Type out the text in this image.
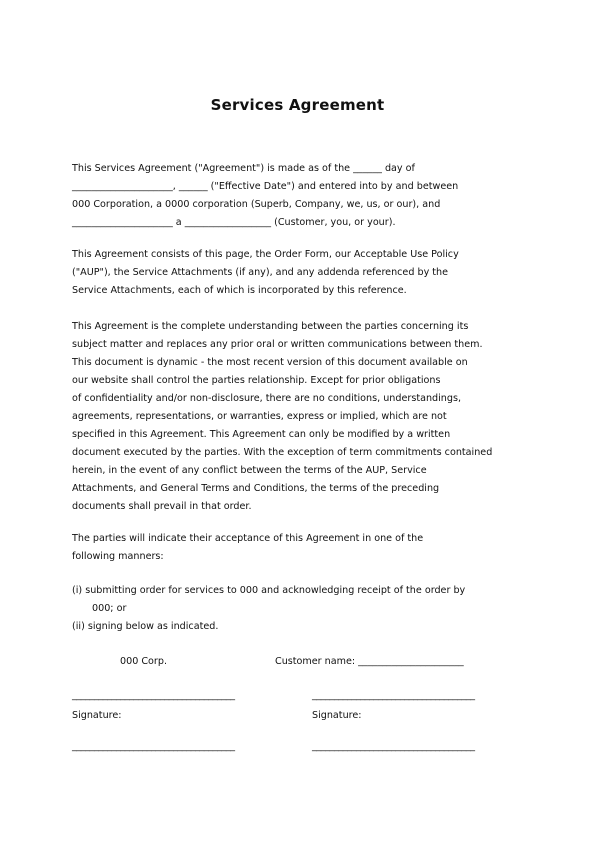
Services Agreement
This Services Agreement ("Agreement") is made as of the ______ day of
_____________________, ______ ("Effective Date") and entered into by and between
000 Corporation, a 0000 corporation (Superb, Company, we, us, or our), and
_____________________ a __________________ (Customer, you, or your).
This Agreement consists of this page, the Order Form, our Acceptable Use Policy
("AUP"), the Service Attachments (if any), and any addenda referenced by the
Service Attachments, each of which is incorporated by this reference.
This Agreement is the complete understanding between the parties concerning its
subject matter and replaces any prior oral or written communications between them.
This document is dynamic - the most recent version of this document available on
our website shall control the parties relationship. Except for prior obligations
of confidentiality and/or non-disclosure, there are no conditions, understandings,
agreements, representations, or warranties, express or implied, which are not
specified in this Agreement. This Agreement can only be modified by a written
document executed by the parties. With the exception of term commitments contained
herein, in the event of any conflict between the terms of the AUP, Service
Attachments, and General Terms and Conditions, the terms of the preceding
documents shall prevail in that order.
The parties will indicate their acceptance of this Agreement in one of the
following manners:
(i) submitting order for services to 000 and acknowledging receipt of the order by
000; or
(ii) signing below as indicated.
000 Corp.	Customer name: ______________________
_____________________________________	_____________________________________
Signature:	Signature:
_____________________________________	_____________________________________
